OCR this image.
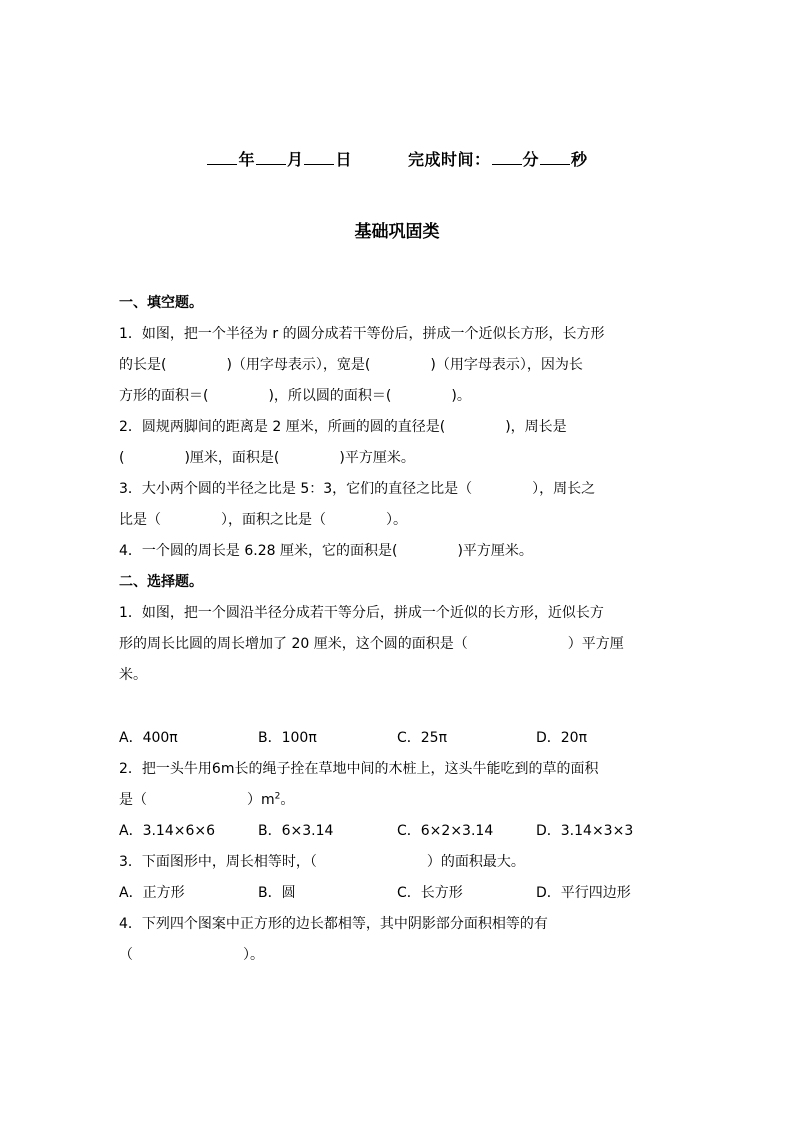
年 月 日	完成时间： 分 秒
基础巩固类
一、填空题。
1．如图，把一个半径为 r 的圆分成若干等份后，拼成一个近似长方形，长方形
的长是(	)（用字母表示），宽是(	)（用字母表示），因为长
方形的面积＝(	)，所以圆的面积＝(	)。
2．圆规两脚间的距离是 2 厘米，所画的圆的直径是(	)，周长是
(	)厘米，面积是(	)平方厘米。
3．大小两个圆的半径之比是 5：3，它们的直径之比是（	），周长之
比是（	），面积之比是（	）。
4．一个圆的周长是 6.28 厘米，它的面积是(	)平方厘米。
二、选择题。
1．如图，把一个圆沿半径分成若干等分后，拼成一个近似的长方形，近似长方
形的周长比圆的周长增加了 20 厘米，这个圆的面积是（	）平方厘
米。
A．400π	B．100π	C．25π	D．20π
2．把一头牛用6m长的绳子拴在草地中间的木桩上，这头牛能吃到的草的面积
是（	）$m^2$。
A．3.14×6×6	B．6×3.14	C．6×2×3.14	D．3.14×3×3
3．下面图形中，周长相等时，（	）的面积最大。
A．正方形	B．圆	C．长方形	D．平行四边形
4．下列四个图案中正方形的边长都相等，其中阴影部分面积相等的有
（	）。
